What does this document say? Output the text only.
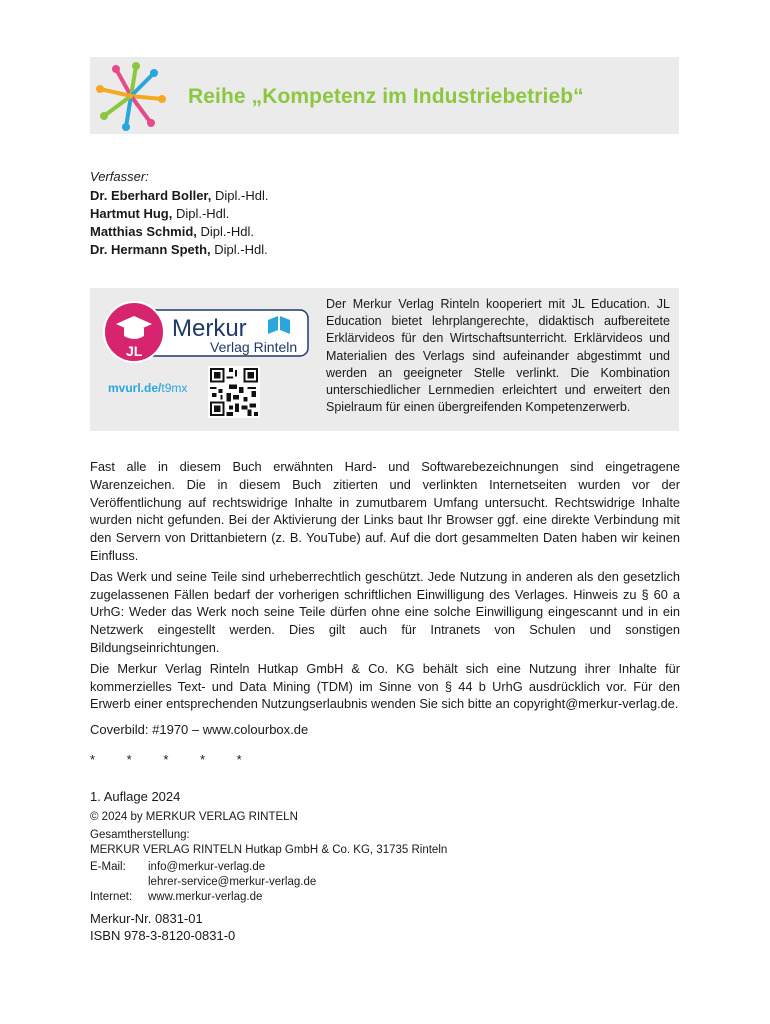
Reihe „Kompetenz im Industriebetrieb“
Verfasser:
Dr. Eberhard Boller, Dipl.-Hdl.
Hartmut Hug, Dipl.-Hdl.
Matthias Schmid, Dipl.-Hdl.
Dr. Hermann Speth, Dipl.-Hdl.
JL
Merkur
Verlag Rinteln
mvurl.de/t9mx
Der Merkur Verlag Rinteln kooperiert mit JL Education. JL Education bietet lehrplangerechte, didaktisch aufbereitete Erklärvideos für den Wirtschaftsunterricht. Erklärvideos und Materialien des Verlags sind aufeinander abgestimmt und werden an geeigneter Stelle verlinkt. Die Kombination unterschiedlicher Lernmedien erleichtert und erweitert den Spielraum für einen übergreifenden Kompetenzerwerb.

Fast alle in diesem Buch erwähnten Hard- und Softwarebezeichnungen sind eingetragene Warenzeichen. Die in diesem Buch zitierten und verlinkten Internetseiten wurden vor der Veröffentlichung auf rechtswidrige Inhalte in zumutbarem Umfang untersucht. Rechtswidrige Inhalte wurden nicht gefunden. Bei der Aktivierung der Links baut Ihr Browser ggf. eine direkte Verbindung mit den Servern von Drittanbietern (z. B. YouTube) auf. Auf die dort gesammelten Daten haben wir keinen Einfluss.

Das Werk und seine Teile sind urheberrechtlich geschützt. Jede Nutzung in anderen als den gesetzlich zugelassenen Fällen bedarf der vorherigen schriftlichen Einwilligung des Verlages. Hinweis zu § 60 a UrhG: Weder das Werk noch seine Teile dürfen ohne eine solche Einwilligung eingescannt und in ein Netzwerk eingestellt werden. Dies gilt auch für Intranets von Schulen und sonstigen Bildungseinrichtungen.

Die Merkur Verlag Rinteln Hutkap GmbH & Co. KG behält sich eine Nutzung ihrer Inhalte für kommerzielles Text- und Data Mining (TDM) im Sinne von § 44 b UrhG ausdrücklich vor. Für den Erwerb einer entsprechenden Nutzungserlaubnis wenden Sie sich bitte an copyright@merkur-verlag.de.

Coverbild: #1970 – www.colourbox.de
* * * * *
1. Auflage 2024
© 2024 by MERKUR VERLAG RINTELN
Gesamtherstellung:
MERKUR VERLAG RINTELN Hutkap GmbH & Co. KG, 31735 Rinteln
E-Mail: info@merkur-verlag.de
lehrer-service@merkur-verlag.de
Internet: www.merkur-verlag.de
Merkur-Nr. 0831-01
ISBN 978-3-8120-0831-0
